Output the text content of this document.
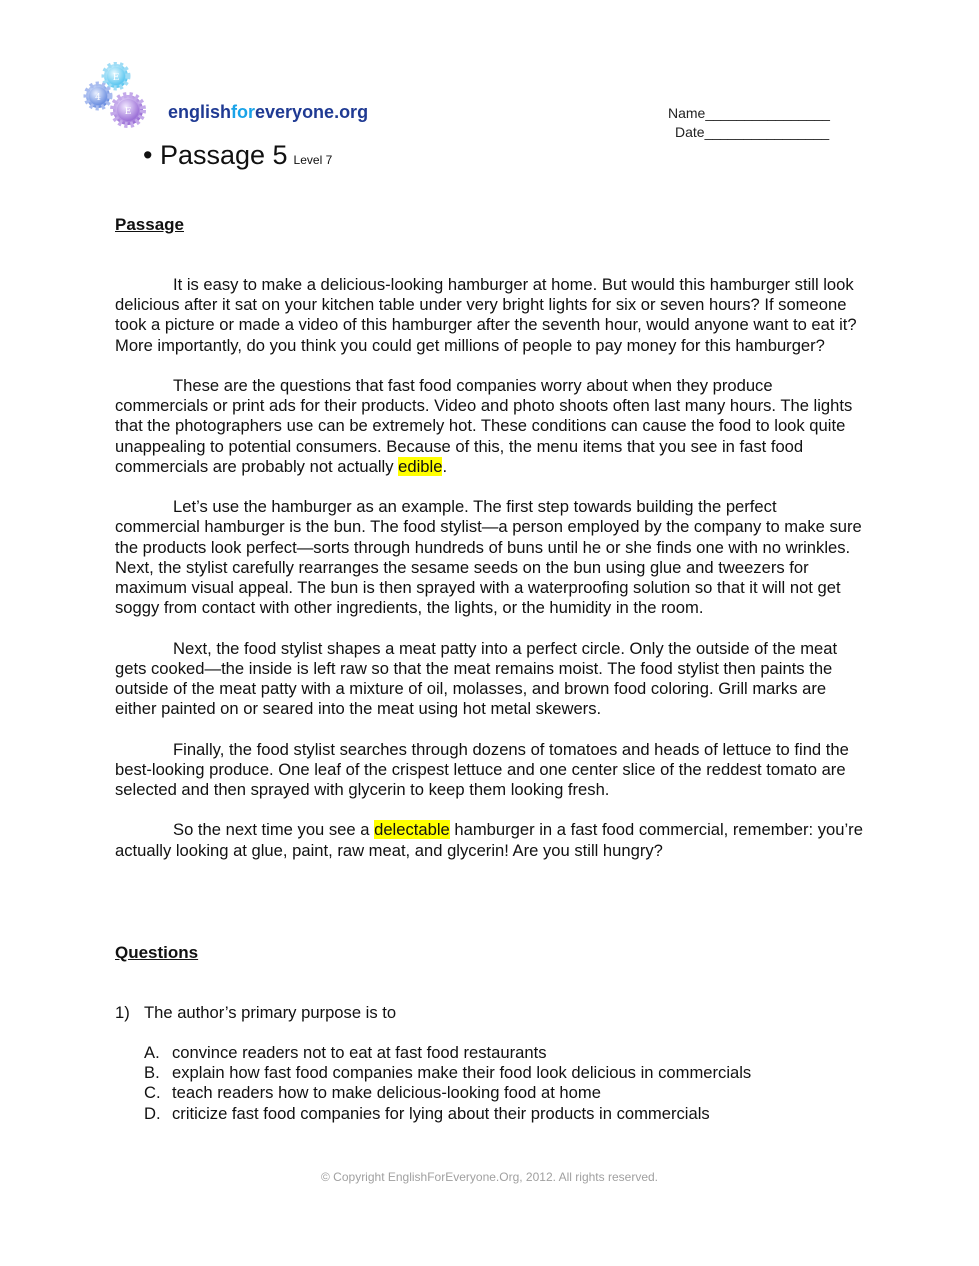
E
4
E englishforeveryone.org	Name________________
Date________________
• Passage 5 Level 7
Passage

It is easy to make a delicious-looking hamburger at home. But would this hamburger still look delicious after it sat on your kitchen table under very bright lights for six or seven hours? If someone took a picture or made a video of this hamburger after the seventh hour, would anyone want to eat it? More importantly, do you think you could get millions of people to pay money for this hamburger?

These are the questions that fast food companies worry about when they produce commercials or print ads for their products. Video and photo shoots often last many hours. The lights that the photographers use can be extremely hot. These conditions can cause the food to look quite unappealing to potential consumers. Because of this, the menu items that you see in fast food commercials are probably not actually edible.

Let’s use the hamburger as an example. The first step towards building the perfect commercial hamburger is the bun. The food stylist—a person employed by the company to make sure the products look perfect—sorts through hundreds of buns until he or she finds one with no wrinkles. Next, the stylist carefully rearranges the sesame seeds on the bun using glue and tweezers for maximum visual appeal. The bun is then sprayed with a waterproofing solution so that it will not get soggy from contact with other ingredients, the lights, or the humidity in the room.

Next, the food stylist shapes a meat patty into a perfect circle. Only the outside of the meat gets cooked—the inside is left raw so that the meat remains moist. The food stylist then paints the outside of the meat patty with a mixture of oil, molasses, and brown food coloring. Grill marks are either painted on or seared into the meat using hot metal skewers.

Finally, the food stylist searches through dozens of tomatoes and heads of lettuce to find the best-looking produce. One leaf of the crispest lettuce and one center slice of the reddest tomato are selected and then sprayed with glycerin to keep them looking fresh.

So the next time you see a delectable hamburger in a fast food commercial, remember: you’re actually looking at glue, paint, raw meat, and glycerin! Are you still hungry?

Questions
1) The author’s primary purpose is to
A. convince readers not to eat at fast food restaurants
B. explain how fast food companies make their food look delicious in commercials
C. teach readers how to make delicious-looking food at home
D. criticize fast food companies for lying about their products in commercials
© Copyright EnglishForEveryone.Org, 2012. All rights reserved.
